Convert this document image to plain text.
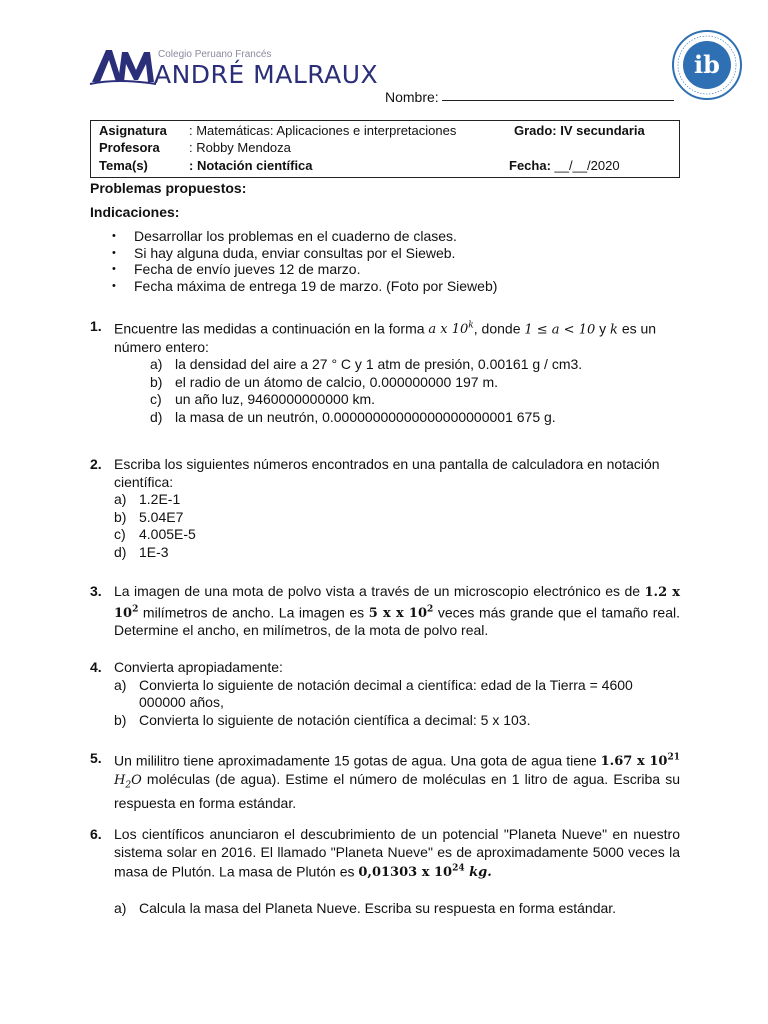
Colegio Peruano Francés
ANDRÉ MALRAUX	ib
Nombre:
Asignatura : Matemáticas: Aplicaciones e interpretaciones	Grado: IV secundaria
Profesora : Robby Mendoza
Tema(s)	: Notación científica	Fecha: __/__/2020
Problemas propuestos:
Indicaciones:
• Desarrollar los problemas en el cuaderno de clases.
• Si hay alguna duda, enviar consultas por el Sieweb.
• Fecha de envío jueves 12 de marzo.
• Fecha máxima de entrega 19 de marzo. (Foto por Sieweb)
1. Encuentre las medidas a continuación en la forma a x 10$^k$, donde 1 ≤ a < 10 y k es un número entero:
a) la densidad del aire a 27 ° C y 1 atm de presión, 0.00161 g / cm3.
b) el radio de un átomo de calcio, 0.000000000 197 m.
c) un año luz, 9460000000000 km.
d) la masa de un neutrón, 0.00000000000000000000001 675 g.
2. Escriba los siguientes números encontrados en una pantalla de calculadora en notación científica:
a) 1.2E-1
b) 5.04E7
c) 4.005E-5
d) 1E-3
3. La imagen de una mota de polvo vista a través de un microscopio electrónico es de 1.2 x $10^2$ milímetros de ancho. La imagen es 5 x x $10^2$ veces más grande que el tamaño real. Determine el ancho, en milímetros, de la mota de polvo real.
4. Convierta apropiadamente:
a) Convierta lo siguiente de notación decimal a científica: edad de la Tierra = 4600 000000 años,
b) Convierta lo siguiente de notación científica a decimal: 5 x 103.
5. Un mililitro tiene aproximadamente 15 gotas de agua. Una gota de agua tiene 1.67 x $10^{21}$ $H_2O$ moléculas (de agua). Estime el número de moléculas en 1 litro de agua. Escriba su respuesta en forma estándar.
6. Los científicos anunciaron el descubrimiento de un potencial "Planeta Nueve" en nuestro sistema solar en 2016. El llamado "Planeta Nueve" es de aproximadamente 5000 veces la masa de Plutón. La masa de Plutón es 0,01303 x $10^{24}$ kg.
a) Calcula la masa del Planeta Nueve. Escriba su respuesta en forma estándar.
